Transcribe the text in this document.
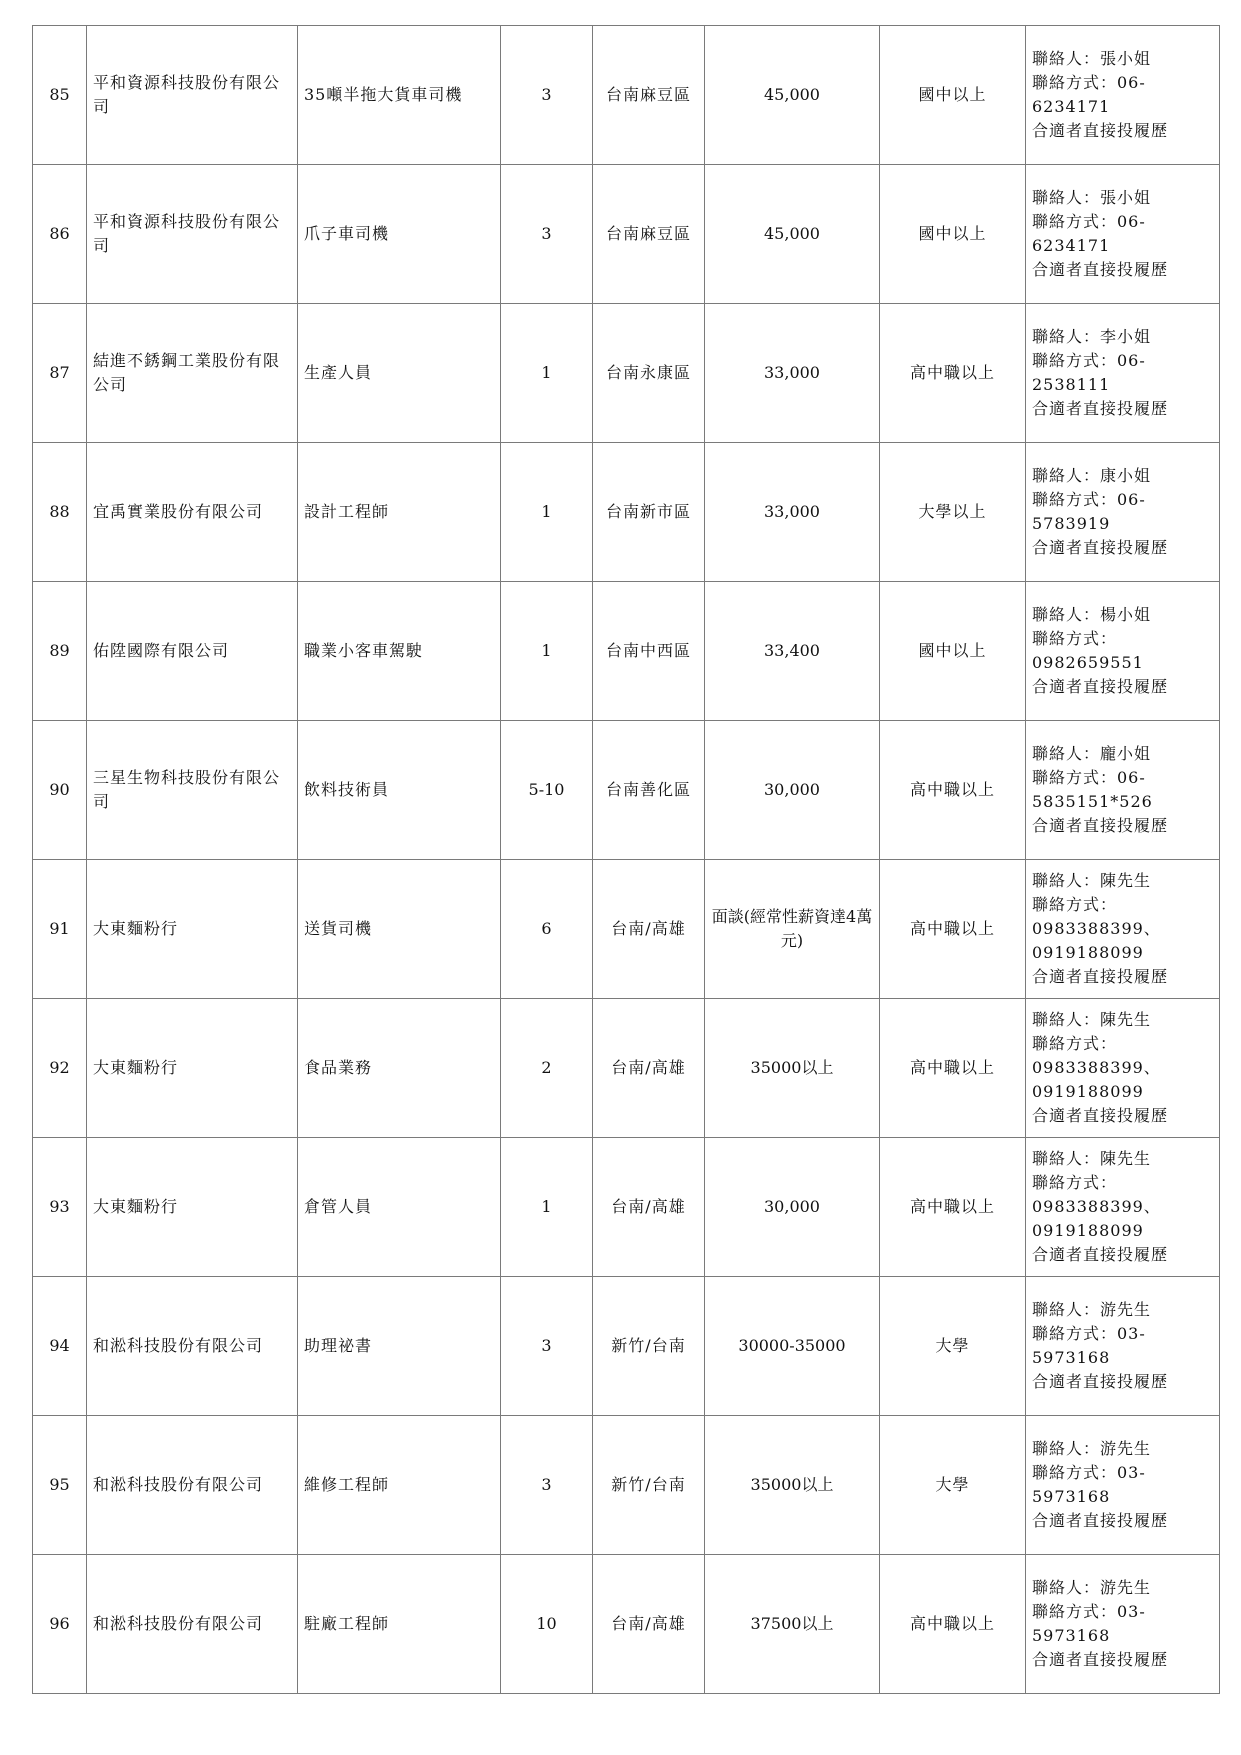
85	平和資源科技股份有限公司	35噸半拖大貨車司機	3	台南麻豆區	45,000	國中以上	聯絡人：張小姐
聯絡方式：06-
6234171
合適者直接投履歷

86	平和資源科技股份有限公司	爪子車司機	3	台南麻豆區	45,000	國中以上	聯絡人：張小姐
聯絡方式：06-
6234171
合適者直接投履歷

87	結進不銹鋼工業股份有限公司	生產人員	1	台南永康區	33,000	高中職以上	聯絡人：李小姐
聯絡方式：06-
2538111
合適者直接投履歷

88	宜禹實業股份有限公司	設計工程師	1	台南新市區	33,000	大學以上	聯絡人：康小姐
聯絡方式：06-
5783919
合適者直接投履歷

89	佑陞國際有限公司	職業小客車駕駛	1	台南中西區	33,400	國中以上	聯絡人：楊小姐
聯絡方式：
0982659551
合適者直接投履歷

90	三星生物科技股份有限公司	飲料技術員	5-10	台南善化區	30,000	高中職以上	聯絡人：龐小姐
聯絡方式：06-
5835151*526
合適者直接投履歷

91	大東麵粉行	送貨司機	6	台南/高雄	面談(經常性薪資達4萬元)	高中職以上	聯絡人：陳先生
聯絡方式：
0983388399、
0919188099
合適者直接投履歷

92	大東麵粉行	食品業務	2	台南/高雄	35000以上	高中職以上	聯絡人：陳先生
聯絡方式：
0983388399、
0919188099
合適者直接投履歷

93	大東麵粉行	倉管人員	1	台南/高雄	30,000	高中職以上	聯絡人：陳先生
聯絡方式：
0983388399、
0919188099
合適者直接投履歷

94	和淞科技股份有限公司	助理祕書	3	新竹/台南	30000-35000	大學	聯絡人：游先生
聯絡方式：03-
5973168
合適者直接投履歷

95	和淞科技股份有限公司	維修工程師	3	新竹/台南	35000以上	大學	聯絡人：游先生
聯絡方式：03-
5973168
合適者直接投履歷

96	和淞科技股份有限公司	駐廠工程師	10	台南/高雄	37500以上	高中職以上	聯絡人：游先生
聯絡方式：03-
5973168
合適者直接投履歷
